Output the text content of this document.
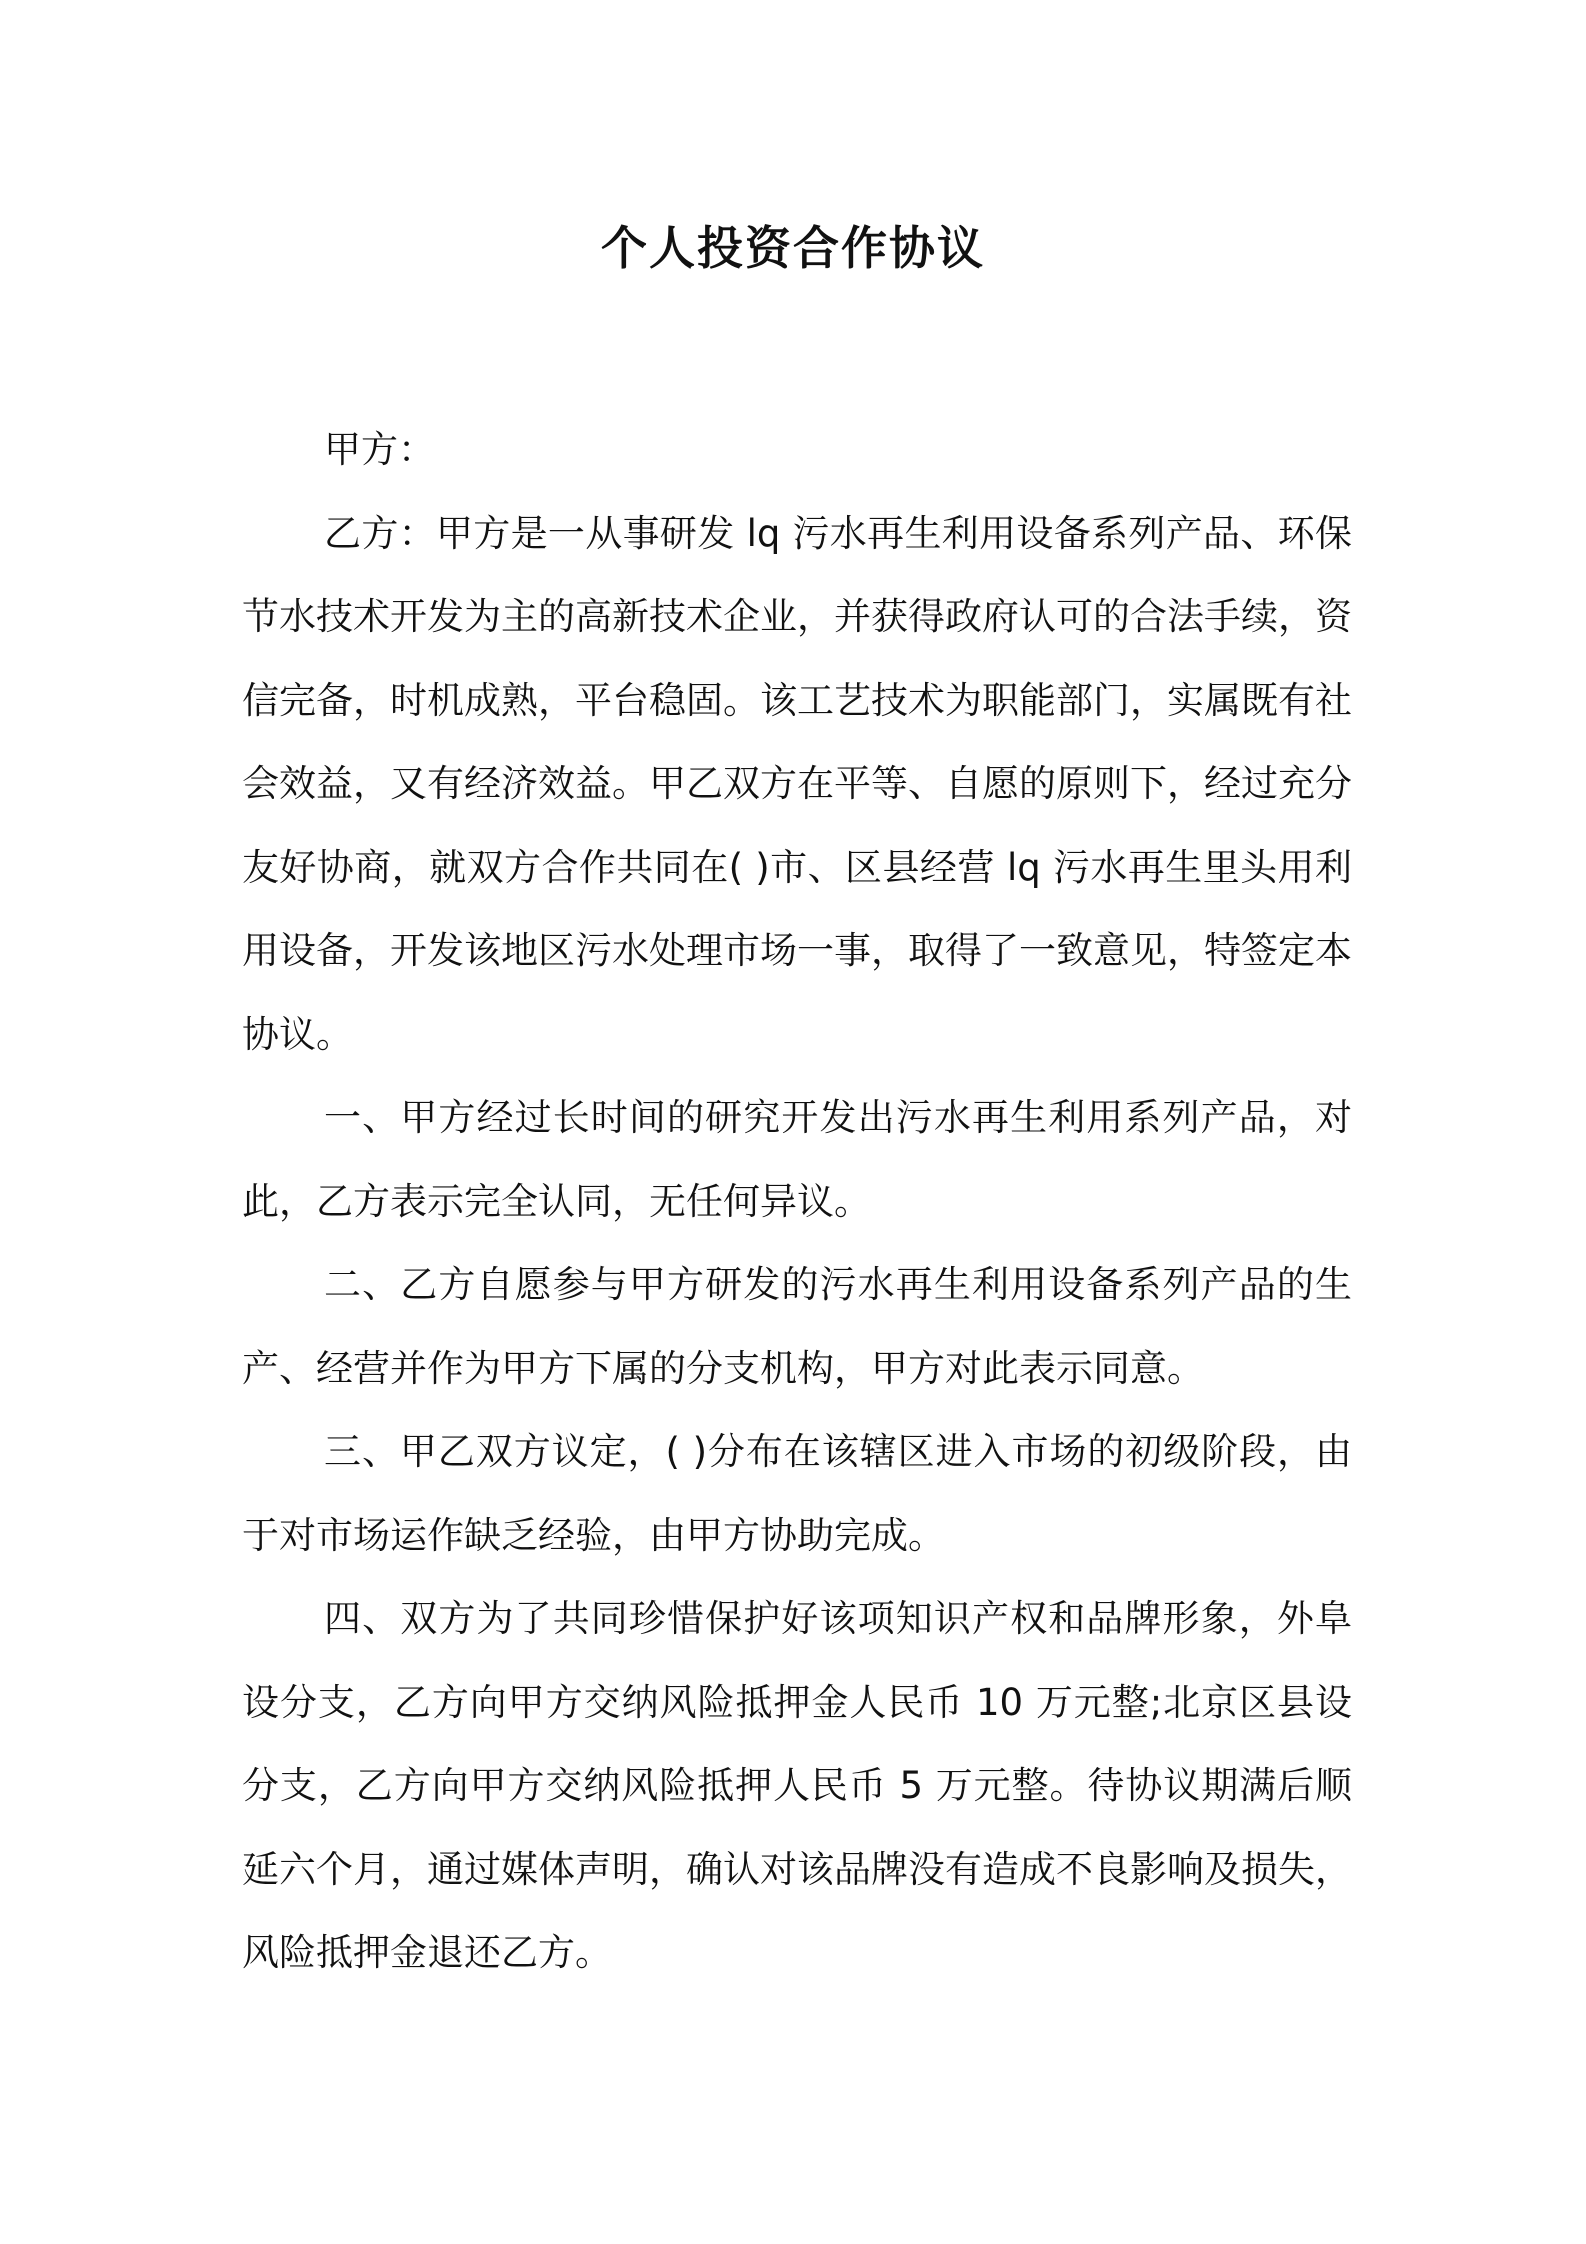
个人投资合作协议

甲方：

乙方：甲方是一从事研发 lq 污水再生利用设备系列产品、环保节水技术开发为主的高新技术企业，并获得政府认可的合法手续，资信完备，时机成熟，平台稳固。该工艺技术为职能部门，实属既有社会效益，又有经济效益。甲乙双方在平等、自愿的原则下，经过充分友好协商，就双方合作共同在( )市、区县经营 lq 污水再生里头用利用设备，开发该地区污水处理市场一事，取得了一致意见，特签定本协议。

一、甲方经过长时间的研究开发出污水再生利用系列产品，对此，乙方表示完全认同，无任何异议。

二、乙方自愿参与甲方研发的污水再生利用设备系列产品的生产、经营并作为甲方下属的分支机构，甲方对此表示同意。

三、甲乙双方议定，( )分布在该辖区进入市场的初级阶段，由于对市场运作缺乏经验，由甲方协助完成。

四、双方为了共同珍惜保护好该项知识产权和品牌形象，外阜设分支，乙方向甲方交纳风险抵押金人民币 10 万元整;北京区县设分支，乙方向甲方交纳风险抵押人民币 5 万元整。待协议期满后顺延六个月，通过媒体声明，确认对该品牌没有造成不良影响及损失，风险抵押金退还乙方。
